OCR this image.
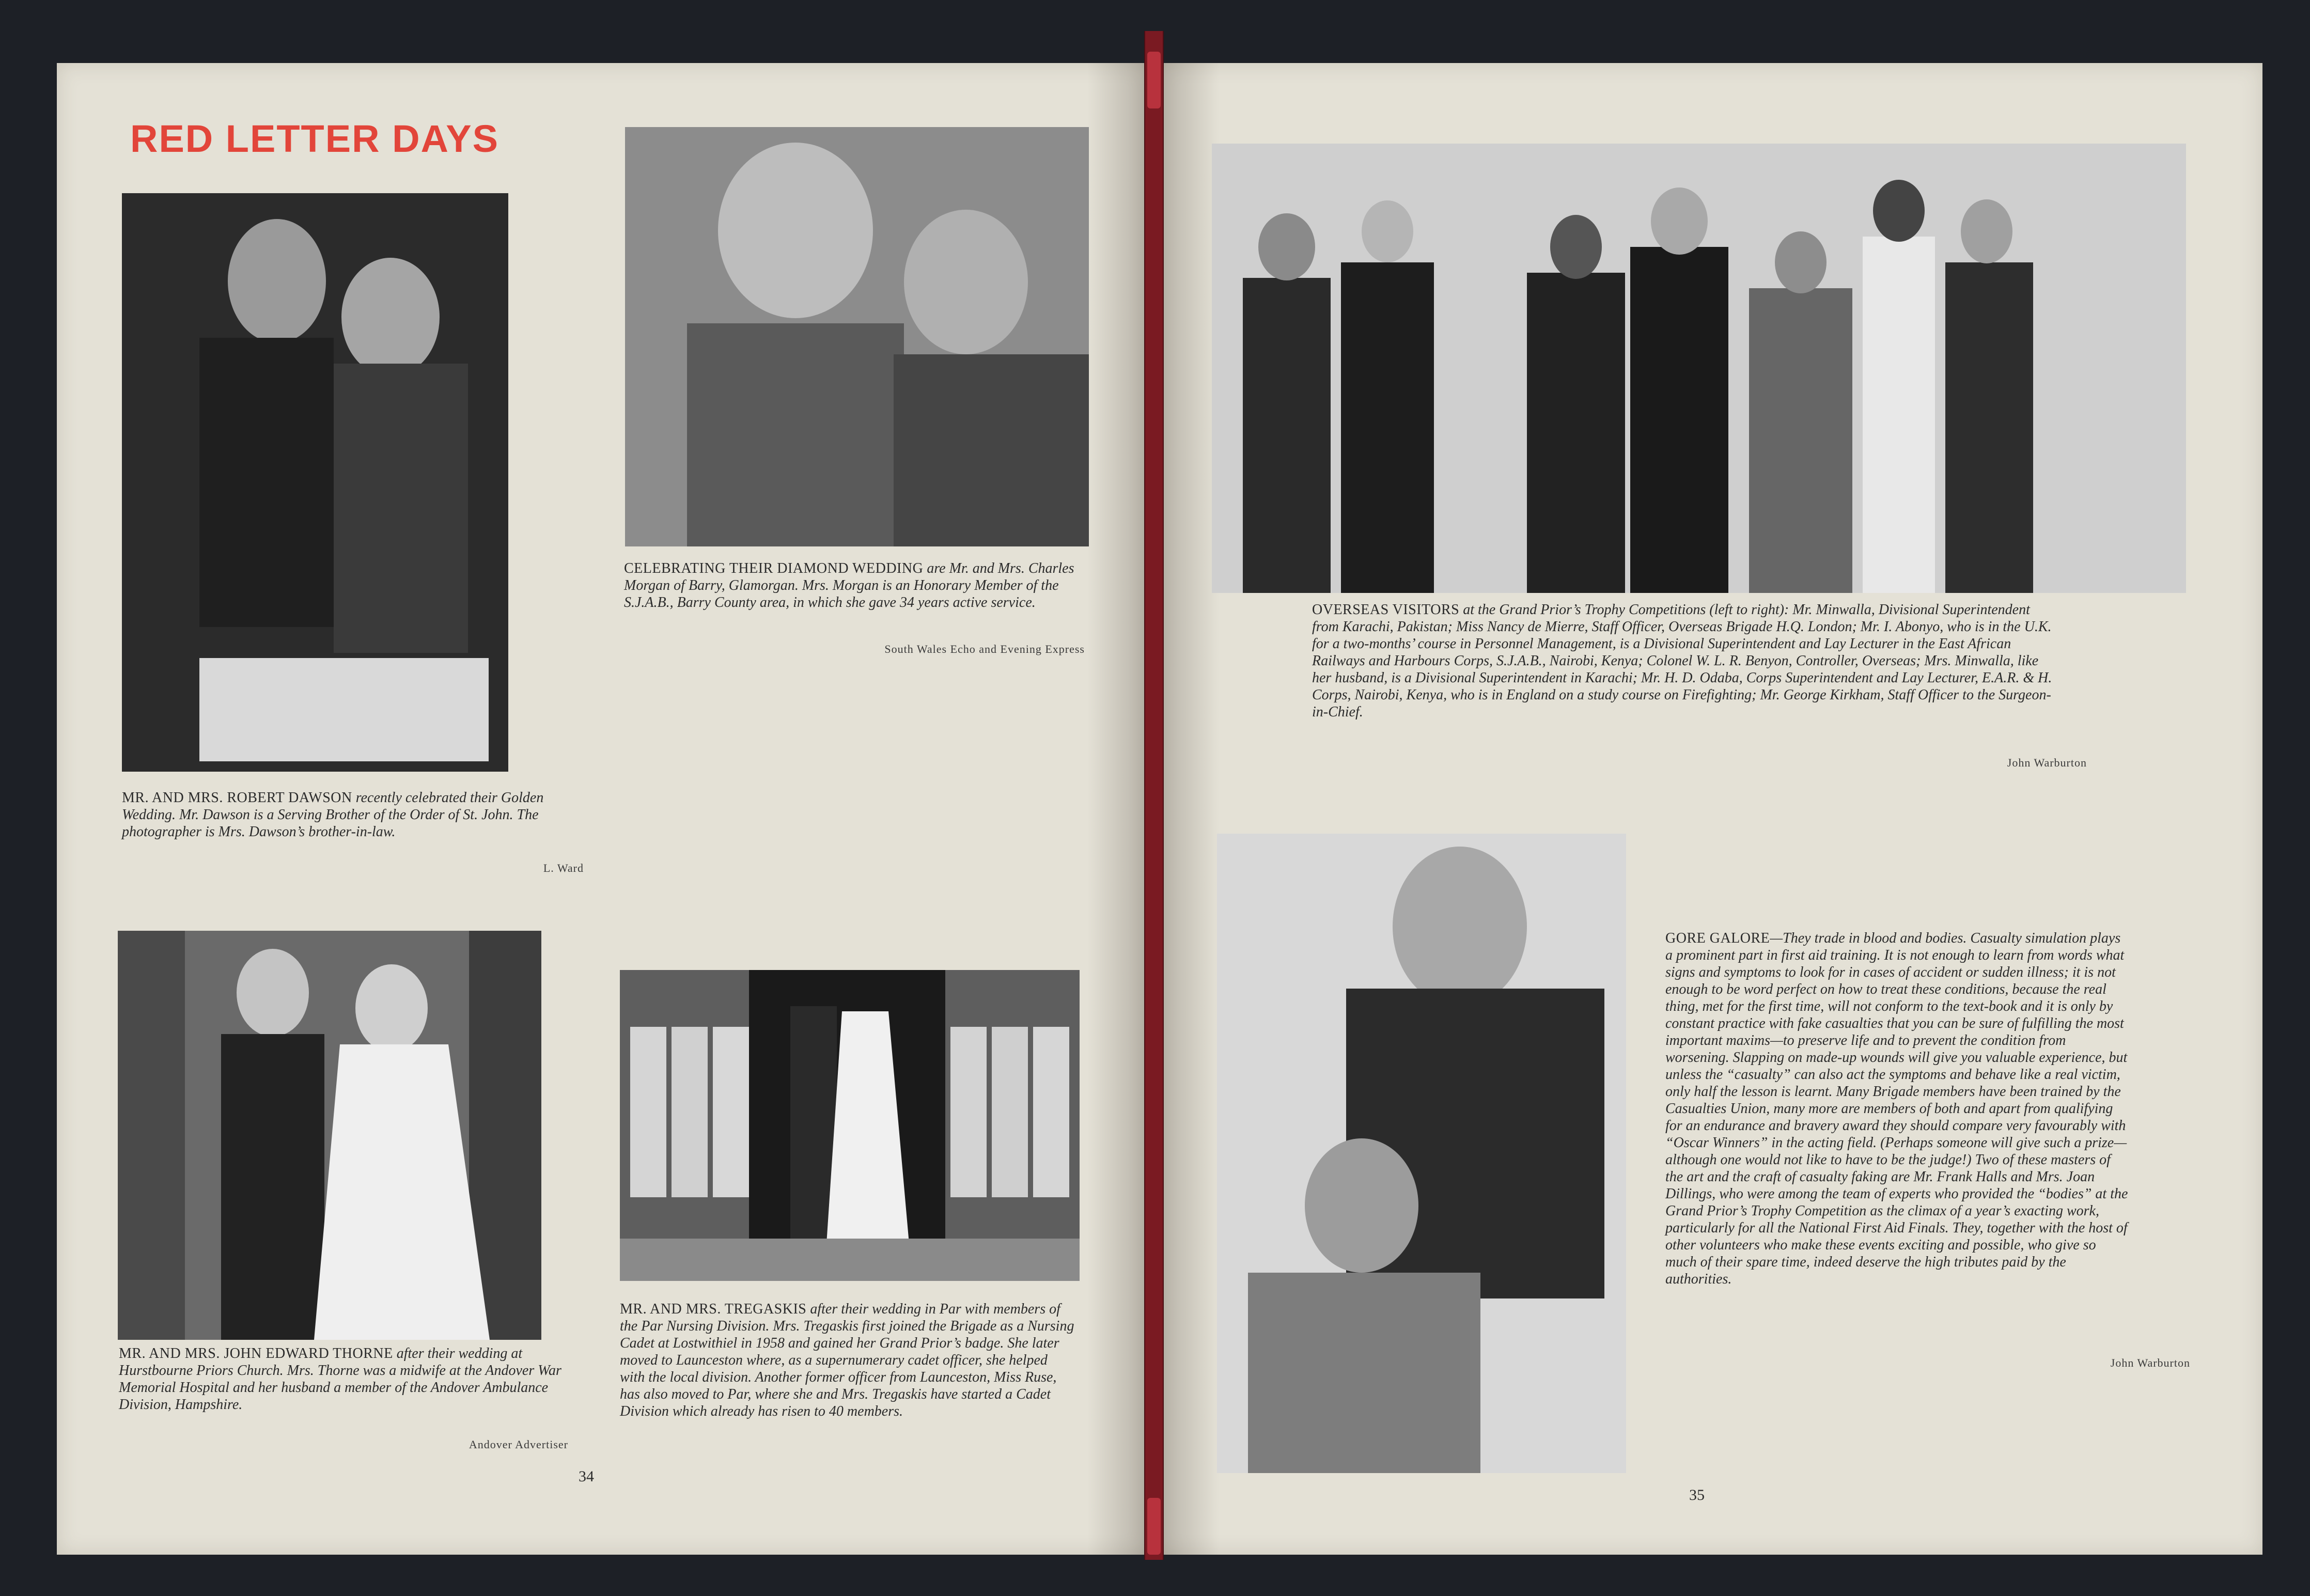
RED LETTER DAYS

CELEBRATING THEIR DIAMOND WEDDING are Mr. and Mrs. Charles Morgan of Barry, Glamorgan. Mrs. Morgan is an Honorary Member of the S.J.A.B., Barry County area, in which she gave 34 years active service.

South Wales Echo and Evening Express

MR. AND MRS. ROBERT DAWSON recently celebrated their Golden Wedding. Mr. Dawson is a Serving Brother of the Order of St. John. The photographer is Mrs. Dawson’s brother-in-law.

L. Ward

MR. AND MRS. JOHN EDWARD THORNE after their wedding at Hurstbourne Priors Church. Mrs. Thorne was a midwife at the Andover War Memorial Hospital and her husband a member of the Andover Ambulance Division, Hampshire.

Andover Advertiser

MR. AND MRS. TREGASKIS after their wedding in Par with members of the Par Nursing Division. Mrs. Tregaskis first joined the Brigade as a Nursing Cadet at Lostwithiel in 1958 and gained her Grand Prior’s badge. She later moved to Launceston where, as a supernumerary cadet officer, she helped with the local division. Another former officer from Launceston, Miss Ruse, has also moved to Par, where she and Mrs. Tregaskis have started a Cadet Division which already has risen to 40 members.

34

OVERSEAS VISITORS at the Grand Prior’s Trophy Competitions (left to right): Mr. Minwalla, Divisional Superintendent from Karachi, Pakistan; Miss Nancy de Mierre, Staff Officer, Overseas Brigade H.Q. London; Mr. I. Abonyo, who is in the U.K. for a two-months’ course in Personnel Management, is a Divisional Superintendent and Lay Lecturer in the East African Railways and Harbours Corps, S.J.A.B., Nairobi, Kenya; Colonel W. L. R. Benyon, Controller, Overseas; Mrs. Minwalla, like her husband, is a Divisional Superintendent in Karachi; Mr. H. D. Odaba, Corps Superintendent and Lay Lecturer, E.A.R. & H. Corps, Nairobi, Kenya, who is in England on a study course on Firefighting; Mr. George Kirkham, Staff Officer to the Surgeon-in-Chief.

John Warburton

GORE GALORE—They trade in blood and bodies. Casualty simulation plays a prominent part in first aid training. It is not enough to learn from words what signs and symptoms to look for in cases of accident or sudden illness; it is not enough to be word perfect on how to treat these conditions, because the real thing, met for the first time, will not conform to the text-book and it is only by constant practice with fake casualties that you can be sure of fulfilling the most important maxims—to preserve life and to prevent the condition from worsening. Slapping on made-up wounds will give you valuable experience, but unless the “casualty” can also act the symptoms and behave like a real victim, only half the lesson is learnt. Many Brigade members have been trained by the Casualties Union, many more are members of both and apart from qualifying for an endurance and bravery award they should compare very favourably with “Oscar Winners” in the acting field. (Perhaps someone will give such a prize—although one would not like to have to be the judge!) Two of these masters of the art and the craft of casualty faking are Mr. Frank Halls and Mrs. Joan Dillings, who were among the team of experts who provided the “bodies” at the Grand Prior’s Trophy Competition as the climax of a year’s exacting work, particularly for all the National First Aid Finals. They, together with the host of other volunteers who make these events exciting and possible, who give so much of their spare time, indeed deserve the high tributes paid by the authorities.

John Warburton

35
